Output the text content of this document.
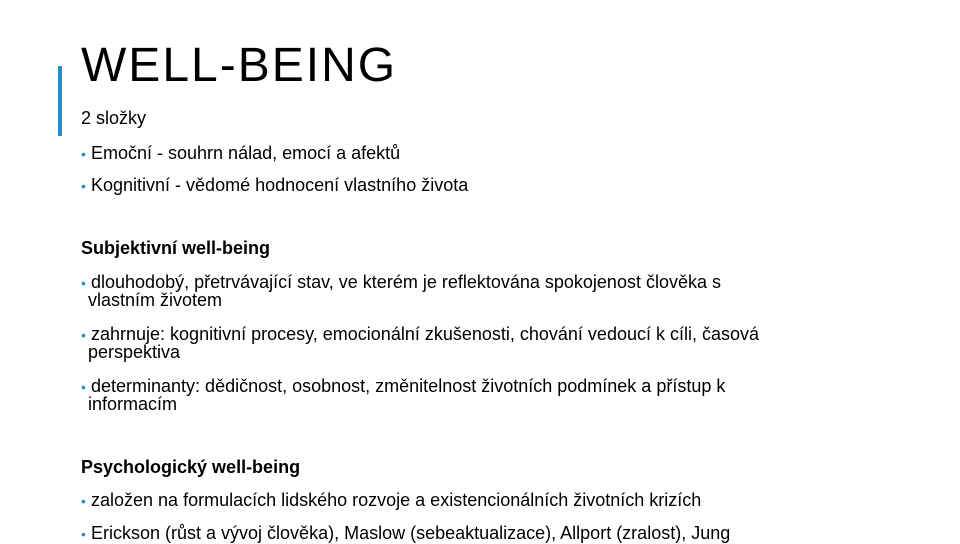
WELL-BEING
2 složky
• Emoční - souhrn nálad, emocí a afektů
• Kognitivní - vědomé hodnocení vlastního života
Subjektivní well-being
• dlouhodobý, přetrvávající stav, ve kterém je reflektována spokojenost člověka s
vlastním životem
• zahrnuje: kognitivní procesy, emocionální zkušenosti, chování vedoucí k cíli, časová
perspektiva
• determinanty: dědičnost, osobnost, změnitelnost životních podmínek a přístup k
informacím
Psychologický well-being
• založen na formulacích lidského rozvoje a existencionálních životních krizích
• Erickson (růst a vývoj člověka), Maslow (sebeaktualizace), Allport (zralost), Jung
